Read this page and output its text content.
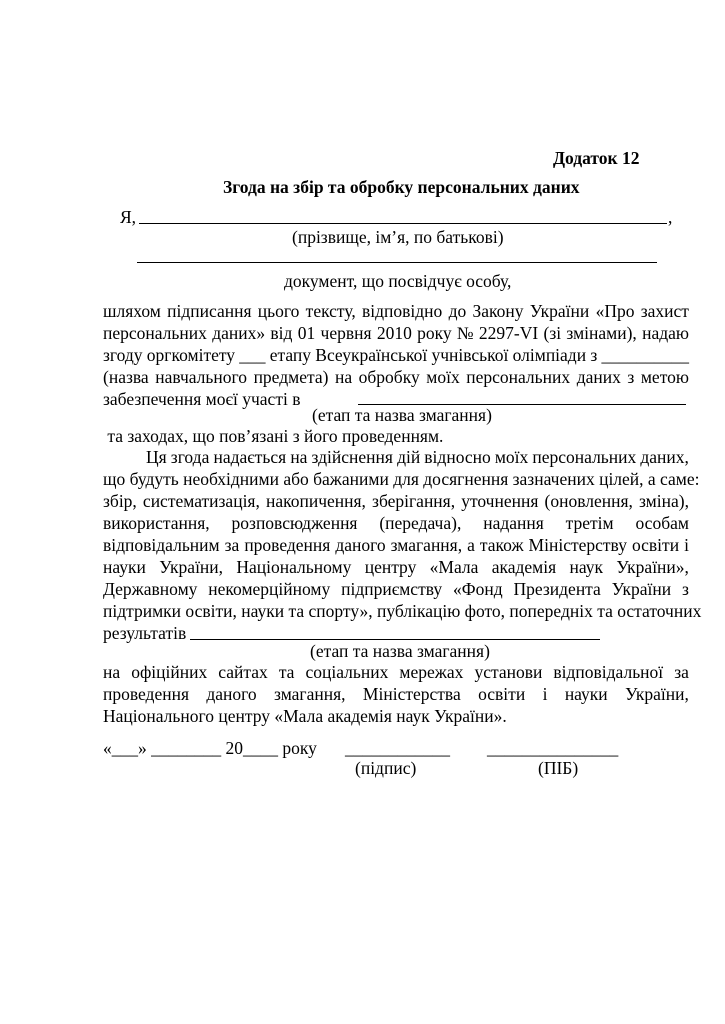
Додаток 12
Згода на збір та обробку персональних даних
Я,	,
(прізвище, ім’я, по батькові)
документ, що посвідчує особу,
шляхом підписання цього тексту, відповідно до Закону України «Про захист
персональних даних» від 01 червня 2010 року № 2297-VI (зі змінами), надаю
згоду оргкомітету ___ етапу Всеукраїнської учнівської олімпіади з __________
(назва навчального предмета) на обробку моїх персональних даних з метою
забезпечення моєї участі в
(етап та назва змагання)
та заходах, що пов’язані з його проведенням.
Ця згода надається на здійснення дій відносно моїх персональних даних,
що будуть необхідними або бажаними для досягнення зазначених цілей, а саме:
збір, систематизація, накопичення, зберігання, уточнення (оновлення, зміна),
використання, розповсюдження (передача), надання третім особам
відповідальним за проведення даного змагання, а також Міністерству освіти і
науки України, Національному центру «Мала академія наук України»,
Державному некомерційному підприємству «Фонд Президента України з
підтримки освіти, науки та спорту», публікацію фото, попередніх та остаточних
результатів
(етап та назва змагання)
на офіційних сайтах та соціальних мережах установи відповідальної за
проведення даного змагання, Міністерства освіти і науки України,
Національного центру «Мала академія наук України».
«___» ________ 20____ року ____________ _______________
(підпис)	(ПІБ)
